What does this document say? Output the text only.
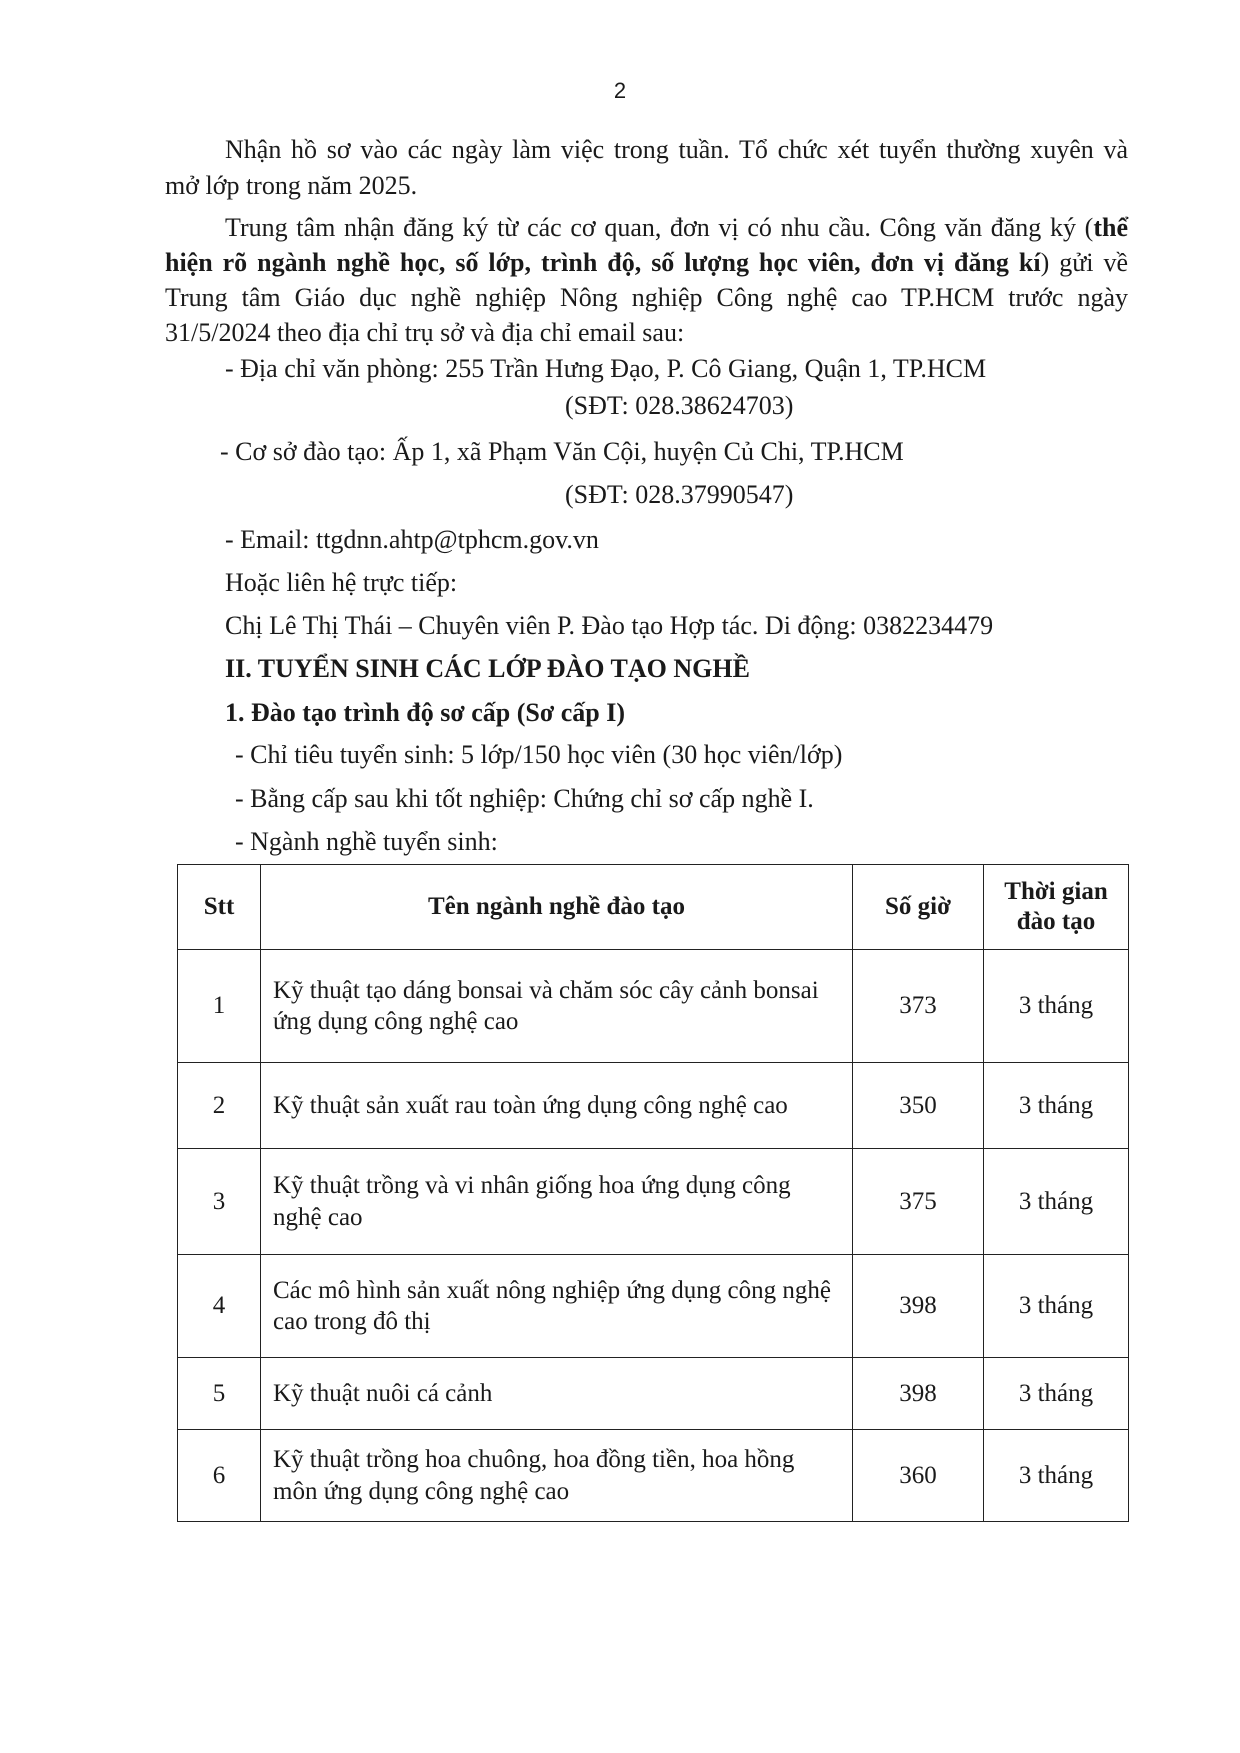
2
Nhận hồ sơ vào các ngày làm việc trong tuần. Tổ chức xét tuyển thường xuyên và
mở lớp trong năm 2025.
Trung tâm nhận đăng ký từ các cơ quan, đơn vị có nhu cầu. Công văn đăng ký (thể
hiện rõ ngành nghề học, số lớp, trình độ, số lượng học viên, đơn vị đăng kí) gửi về
Trung tâm Giáo dục nghề nghiệp Nông nghiệp Công nghệ cao TP.HCM trước ngày
31/5/2024 theo địa chỉ trụ sở và địa chỉ email sau:
- Địa chỉ văn phòng: 255 Trần Hưng Đạo, P. Cô Giang, Quận 1, TP.HCM
(SĐT: 028.38624703)
- Cơ sở đào tạo: Ấp 1, xã Phạm Văn Cội, huyện Củ Chi, TP.HCM
(SĐT: 028.37990547)
- Email: ttgdnn.ahtp@tphcm.gov.vn
Hoặc liên hệ trực tiếp:
Chị Lê Thị Thái – Chuyên viên P. Đào tạo Hợp tác. Di động: 0382234479
II. TUYỂN SINH CÁC LỚP ĐÀO TẠO NGHỀ
1. Đào tạo trình độ sơ cấp (Sơ cấp I)
- Chỉ tiêu tuyển sinh: 5 lớp/150 học viên (30 học viên/lớp)
- Bằng cấp sau khi tốt nghiệp: Chứng chỉ sơ cấp nghề I.
- Ngành nghề tuyển sinh:
Stt	Tên ngành nghề đào tạo	Số giờ	Thời gian
đào tạo
1	Kỹ thuật tạo dáng bonsai và chăm sóc cây cảnh bonsai ứng dụng công nghệ cao	373	3 tháng
2	Kỹ thuật sản xuất rau toàn ứng dụng công nghệ cao	350	3 tháng
3	Kỹ thuật trồng và vi nhân giống hoa ứng dụng công nghệ cao	375	3 tháng
4	Các mô hình sản xuất nông nghiệp ứng dụng công nghệ cao trong đô thị	398	3 tháng
5	Kỹ thuật nuôi cá cảnh	398	3 tháng
6	Kỹ thuật trồng hoa chuông, hoa đồng tiền, hoa hồng môn ứng dụng công nghệ cao	360	3 tháng
